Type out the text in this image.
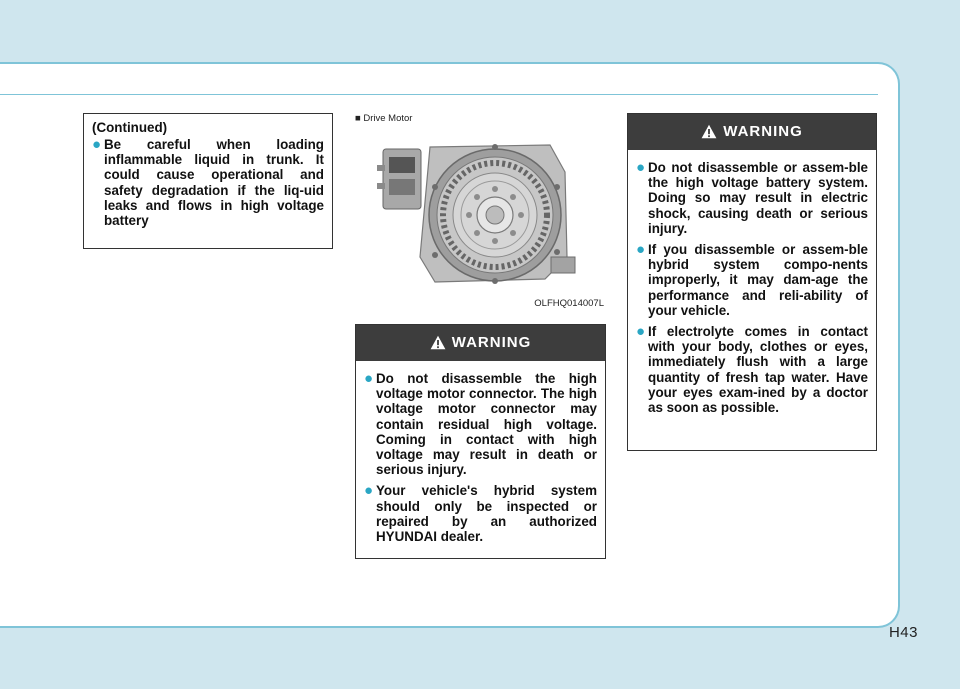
(Continued)
● Be careful when loading inflammable liquid in trunk. It could cause operational and safety degradation if the liq-uid leaks and flows in high voltage battery
■ Drive Motor
OLFHQ014007L
WARNING
● Do not disassemble the high voltage motor connector. The high voltage motor connector may contain residual high voltage. Coming in contact with high voltage may result in death or serious injury.
● Your vehicle's hybrid system should only be inspected or repaired by an authorized HYUNDAI dealer.
WARNING
● Do not disassemble or assem-ble the high voltage battery system. Doing so may result in electric shock, causing death or serious injury.
● If you disassemble or assem-ble hybrid system compo-nents improperly, it may dam-age the performance and reli-ability of your vehicle.
● If electrolyte comes in contact with your body, clothes or eyes, immediately flush with a large quantity of fresh tap water. Have your eyes exam-ined by a doctor as soon as possible.
H43
